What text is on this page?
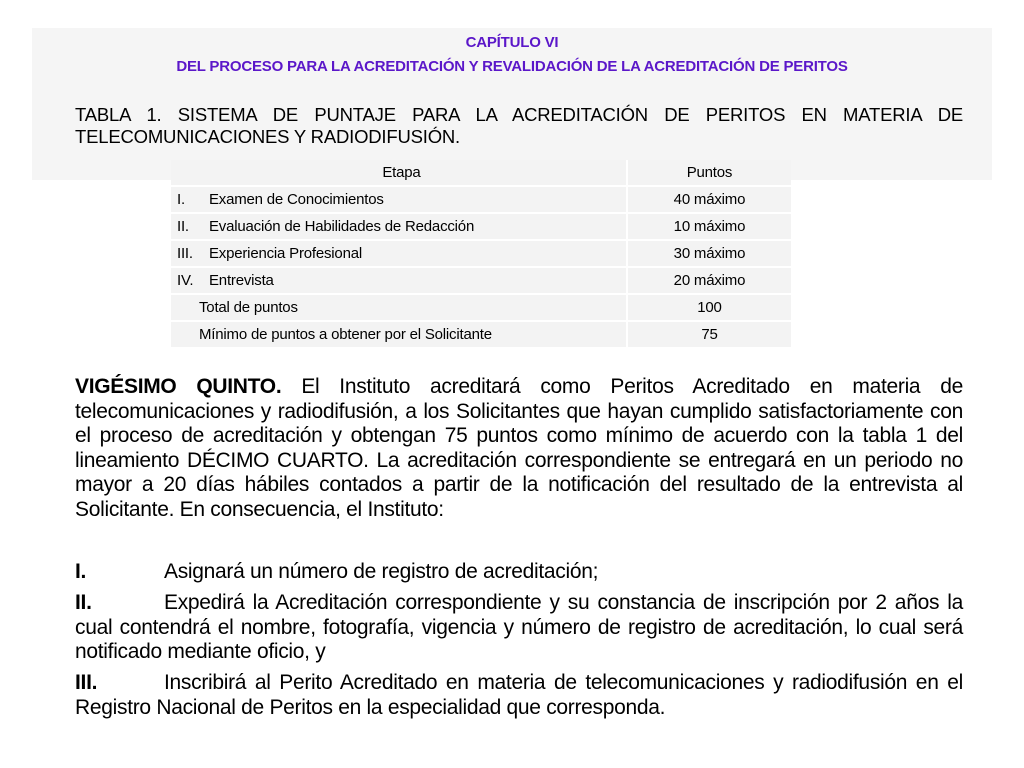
CAPÍTULO VI
DEL PROCESO PARA LA ACREDITACIÓN Y REVALIDACIÓN DE LA ACREDITACIÓN DE PERITOS
TABLA 1. SISTEMA DE PUNTAJE PARA LA ACREDITACIÓN DE PERITOS EN MATERIA DE TELECOMUNICACIONES Y RADIODIFUSIÓN.
Etapa	Puntos
I. Examen de Conocimientos	40 máximo
II. Evaluación de Habilidades de Redacción	10 máximo
III. Experiencia Profesional	30 máximo
IV. Entrevista	20 máximo
Total de puntos	100
Mínimo de puntos a obtener por el Solicitante	75
VIGÉSIMO QUINTO. El Instituto acreditará como Peritos Acreditado en materia de telecomunicaciones y radiodifusión, a los Solicitantes que hayan cumplido satisfactoriamente con el proceso de acreditación y obtengan 75 puntos como mínimo de acuerdo con la tabla 1 del lineamiento DÉCIMO CUARTO. La acreditación correspondiente se entregará en un periodo no mayor a 20 días hábiles contados a partir de la notificación del resultado de la entrevista al Solicitante. En consecuencia, el Instituto:
I.	Asignará un número de registro de acreditación;
II.	Expedirá la Acreditación correspondiente y su constancia de inscripción por 2 años la cual contendrá el nombre, fotografía, vigencia y número de registro de acreditación, lo cual será notificado mediante oficio, y
III.	Inscribirá al Perito Acreditado en materia de telecomunicaciones y radiodifusión en el Registro Nacional de Peritos en la especialidad que corresponda.
